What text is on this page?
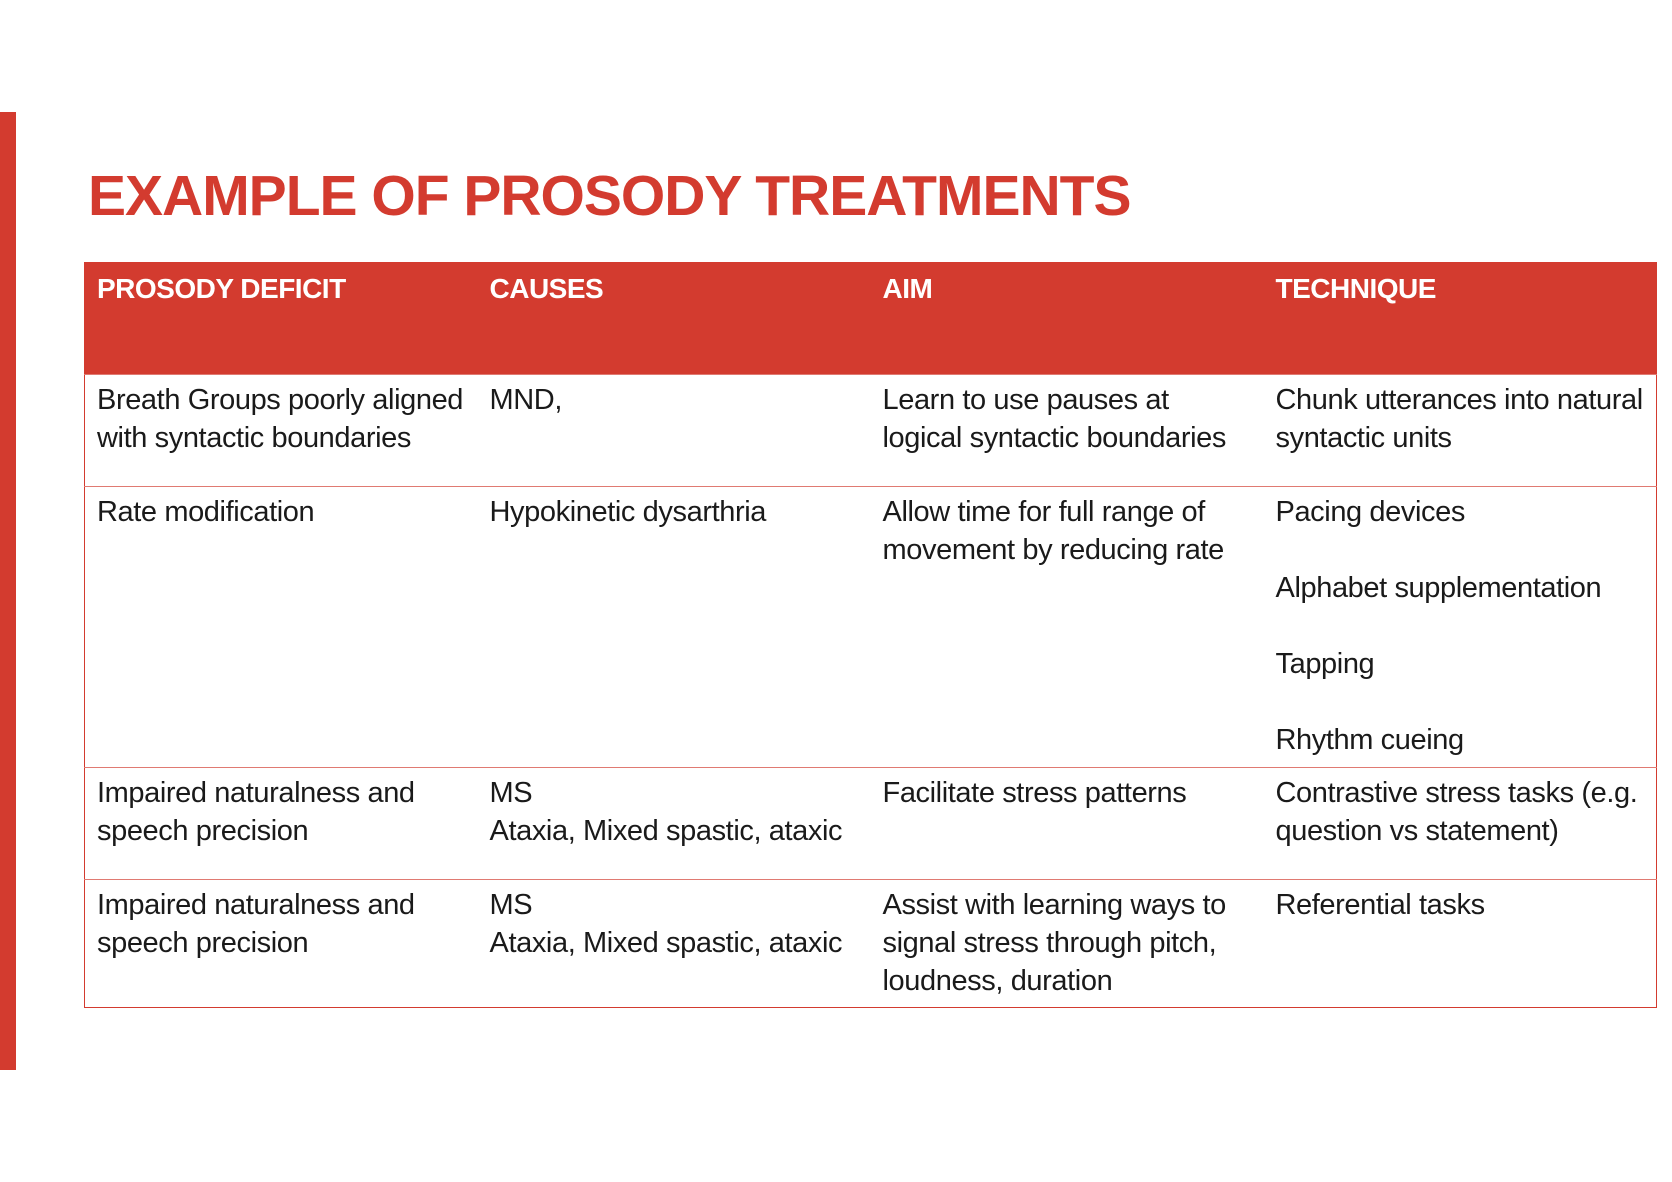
EXAMPLE OF PROSODY TREATMENTS
PROSODY DEFICIT	CAUSES	AIM	TECHNIQUE
Breath Groups poorly aligned with syntactic boundaries	MND,	Learn to use pauses at logical syntactic boundaries	Chunk utterances into natural syntactic units

Rate modification	Hypokinetic dysarthria	Allow time for full range of movement by reducing rate	Pacing devices
Alphabet supplementation
Tapping
Rhythm cueing

Impaired naturalness and speech precision	MS
Ataxia, Mixed spastic, ataxic	Facilitate stress patterns	Contrastive stress tasks (e.g. question vs statement)

Impaired naturalness and speech precision	MS
Ataxia, Mixed spastic, ataxic	Assist with learning ways to signal stress through pitch, loudness, duration	Referential tasks
